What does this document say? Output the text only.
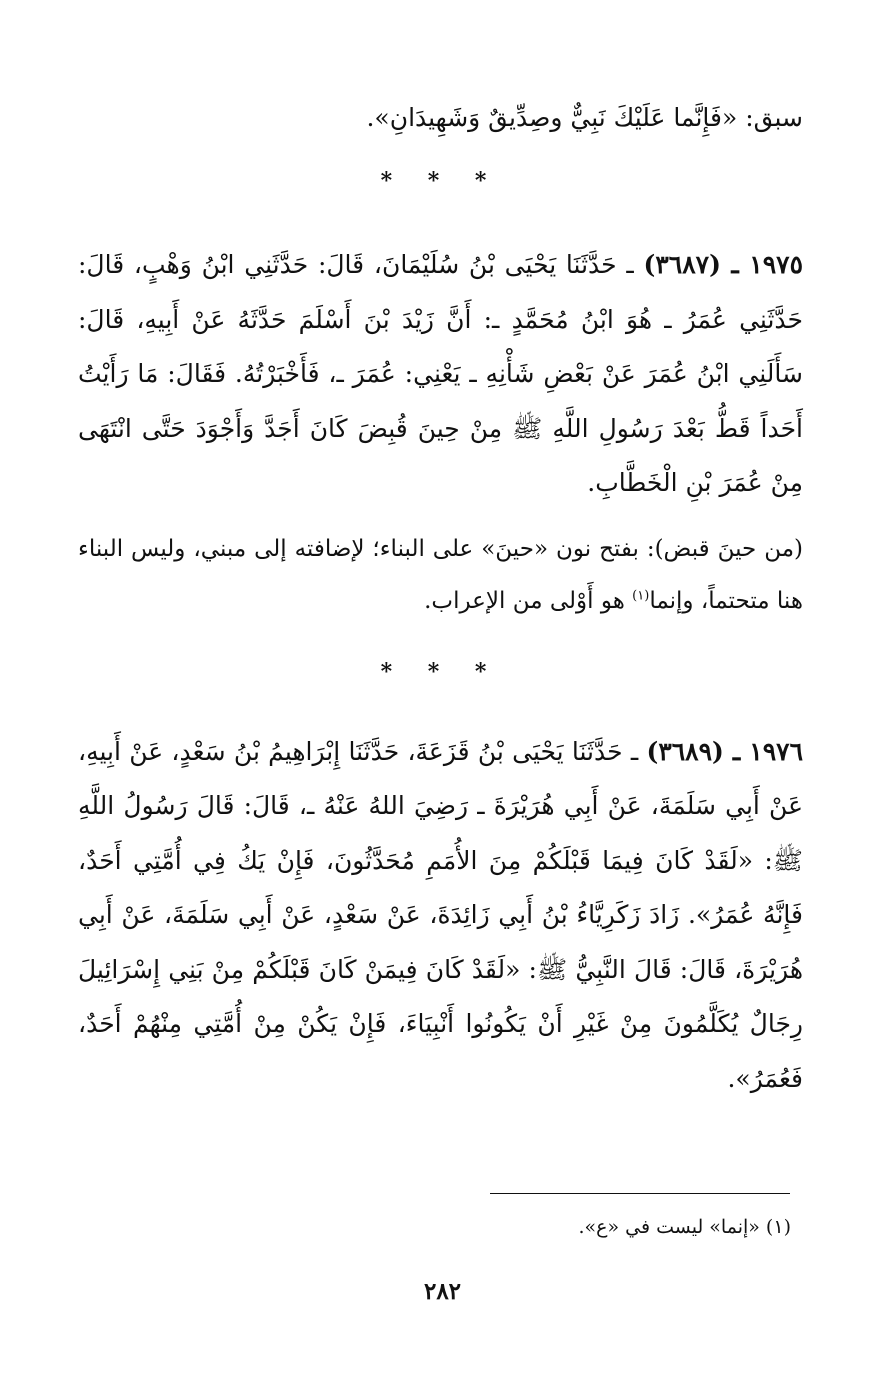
سبق: «فَإِنَّما عَلَيْكَ نَبِيٌّ وصِدِّيقٌ وَشَهِيدَانِ».

* * *

١٩٧٥ ـ (٣٦٨٧) ـ حَدَّثَنَا يَحْيَى بْنُ سُلَيْمَانَ، قَالَ: حَدَّثَنِي ابْنُ وَهْبٍ، قَالَ: حَدَّثَنِي عُمَرُ ـ هُوَ ابْنُ مُحَمَّدٍ ـ: أَنَّ زَيْدَ بْنَ أَسْلَمَ حَدَّثَهُ عَنْ أَبِيهِ، قَالَ: سَأَلَنِي ابْنُ عُمَرَ عَنْ بَعْضِ شَأْنِهِ ـ يَعْنِي: عُمَرَ ـ، فَأَخْبَرْتُهُ. فَقَالَ: مَا رَأَيْتُ أَحَداً قَطُّ بَعْدَ رَسُولِ اللَّهِ ﷺ مِنْ حِينَ قُبِضَ كَانَ أَجَدَّ وَأَجْوَدَ حَتَّى انْتَهَى مِنْ عُمَرَ بْنِ الْخَطَّابِ.

(من حينَ قبض): بفتح نون «حينَ» على البناء؛ لإضافته إلى مبني، وليس البناء هنا متحتماً، وإنما$^{(١)}$ هو أَوْلى من الإعراب.

* * *

١٩٧٦ ـ (٣٦٨٩) ـ حَدَّثَنَا يَحْيَى بْنُ قَزَعَةَ، حَدَّثَنَا إِبْرَاهِيمُ بْنُ سَعْدٍ، عَنْ أَبِيهِ، عَنْ أَبِي سَلَمَةَ، عَنْ أَبِي هُرَيْرَةَ ـ رَضِيَ اللهُ عَنْهُ ـ، قَالَ: قَالَ رَسُولُ اللَّهِ ﷺ: «لَقَدْ كَانَ فِيمَا قَبْلَكُمْ مِنَ الأُمَمِ مُحَدَّثُونَ، فَإِنْ يَكُ فِي أُمَّتِي أَحَدٌ، فَإِنَّهُ عُمَرُ». زَادَ زَكَرِيَّاءُ بْنُ أَبِي زَائِدَةَ، عَنْ سَعْدٍ، عَنْ أَبِي سَلَمَةَ، عَنْ أَبِي هُرَيْرَةَ، قَالَ: قَالَ النَّبِيُّ ﷺ: «لَقَدْ كَانَ فِيمَنْ كَانَ قَبْلَكُمْ مِنْ بَنِي إِسْرَائِيلَ رِجَالٌ يُكَلَّمُونَ مِنْ غَيْرِ أَنْ يَكُونُوا أَنْبِيَاءَ، فَإِنْ يَكُنْ مِنْ أُمَّتِي مِنْهُمْ أَحَدٌ، فَعُمَرُ».

(١) «إنما» ليست في «ع».
٢٨٢
